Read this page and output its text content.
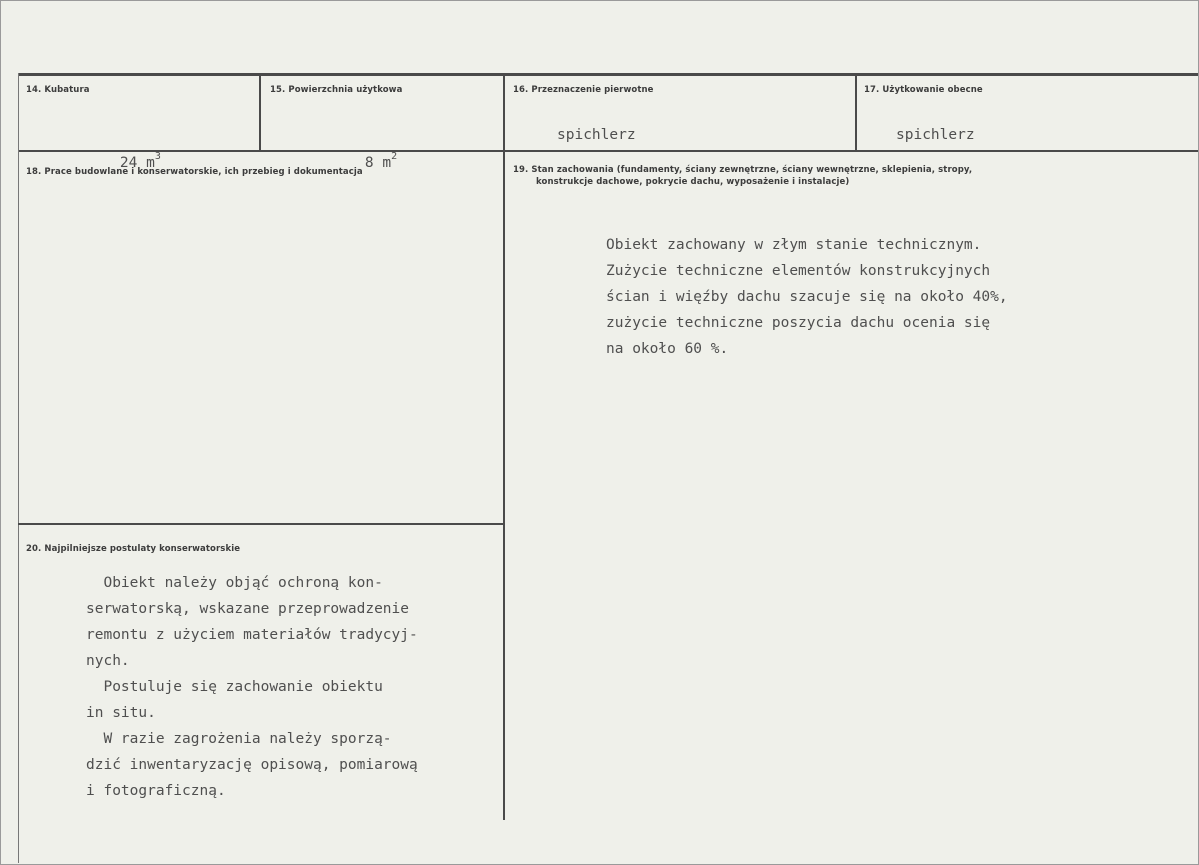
14. Kubatura

24 $m^3$

15. Powierzchnia użytkowa

8 $m^2$

16. Przeznaczenie pierwotne
spichlerz
17. Użytkowanie obecne
spichlerz
18. Prace budowlane i konserwatorskie, ich przebieg i dokumentacja	19. Stan zachowania (fundamenty, ściany zewnętrzne, ściany wewnętrzne, sklepienia, stropy,
konstrukcje dachowe, pokrycie dachu, wyposażenie i instalacje)
Obiekt zachowany w złym stanie technicznym.
Zużycie techniczne elementów konstrukcyjnych
ścian i więźby dachu szacuje się na około 40%,
zużycie techniczne poszycia dachu ocenia się
na około 60 %.
20. Najpilniejsze postulaty konserwatorskie
Obiekt należy objąć ochroną kon-
serwatorską, wskazane przeprowadzenie
remontu z użyciem materiałów tradycyj-
nych.
Postuluje się zachowanie obiektu
in situ.
W razie zagrożenia należy sporzą-
dzić inwentaryzację opisową, pomiarową
i fotograficzną.
